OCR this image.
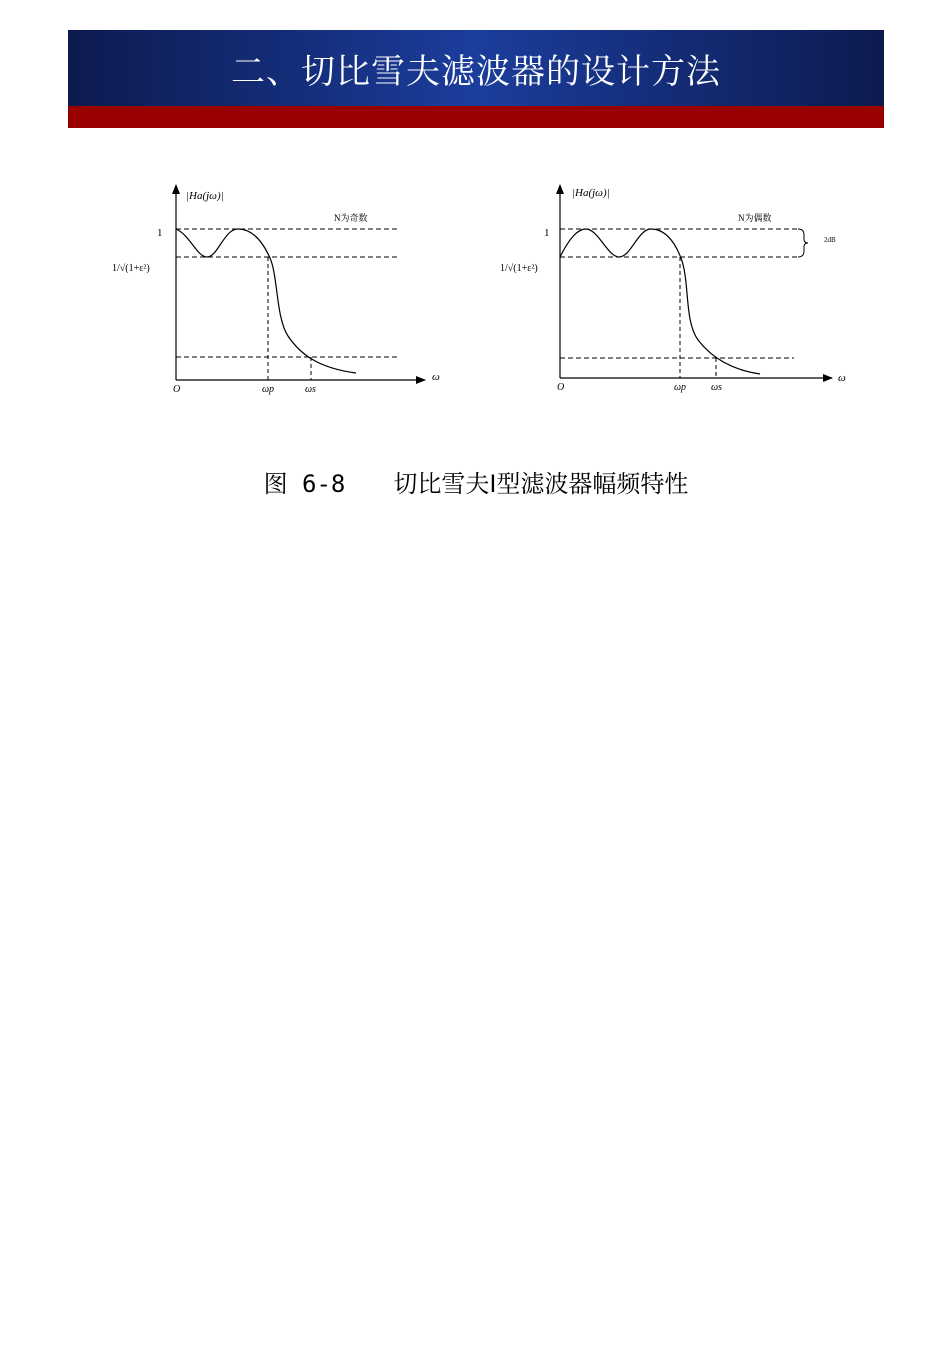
二、切比雪夫滤波器的设计方法
|Ha(jω)|
ω
N为奇数
O
1
1/√(1+ε²)
ωp	ωs
|Ha(jω)|
ω
N为偶数
O
1
1/√(1+ε²)
2dB
ωp ωs
图 6-8 切比雪夫Ⅰ型滤波器幅频特性
